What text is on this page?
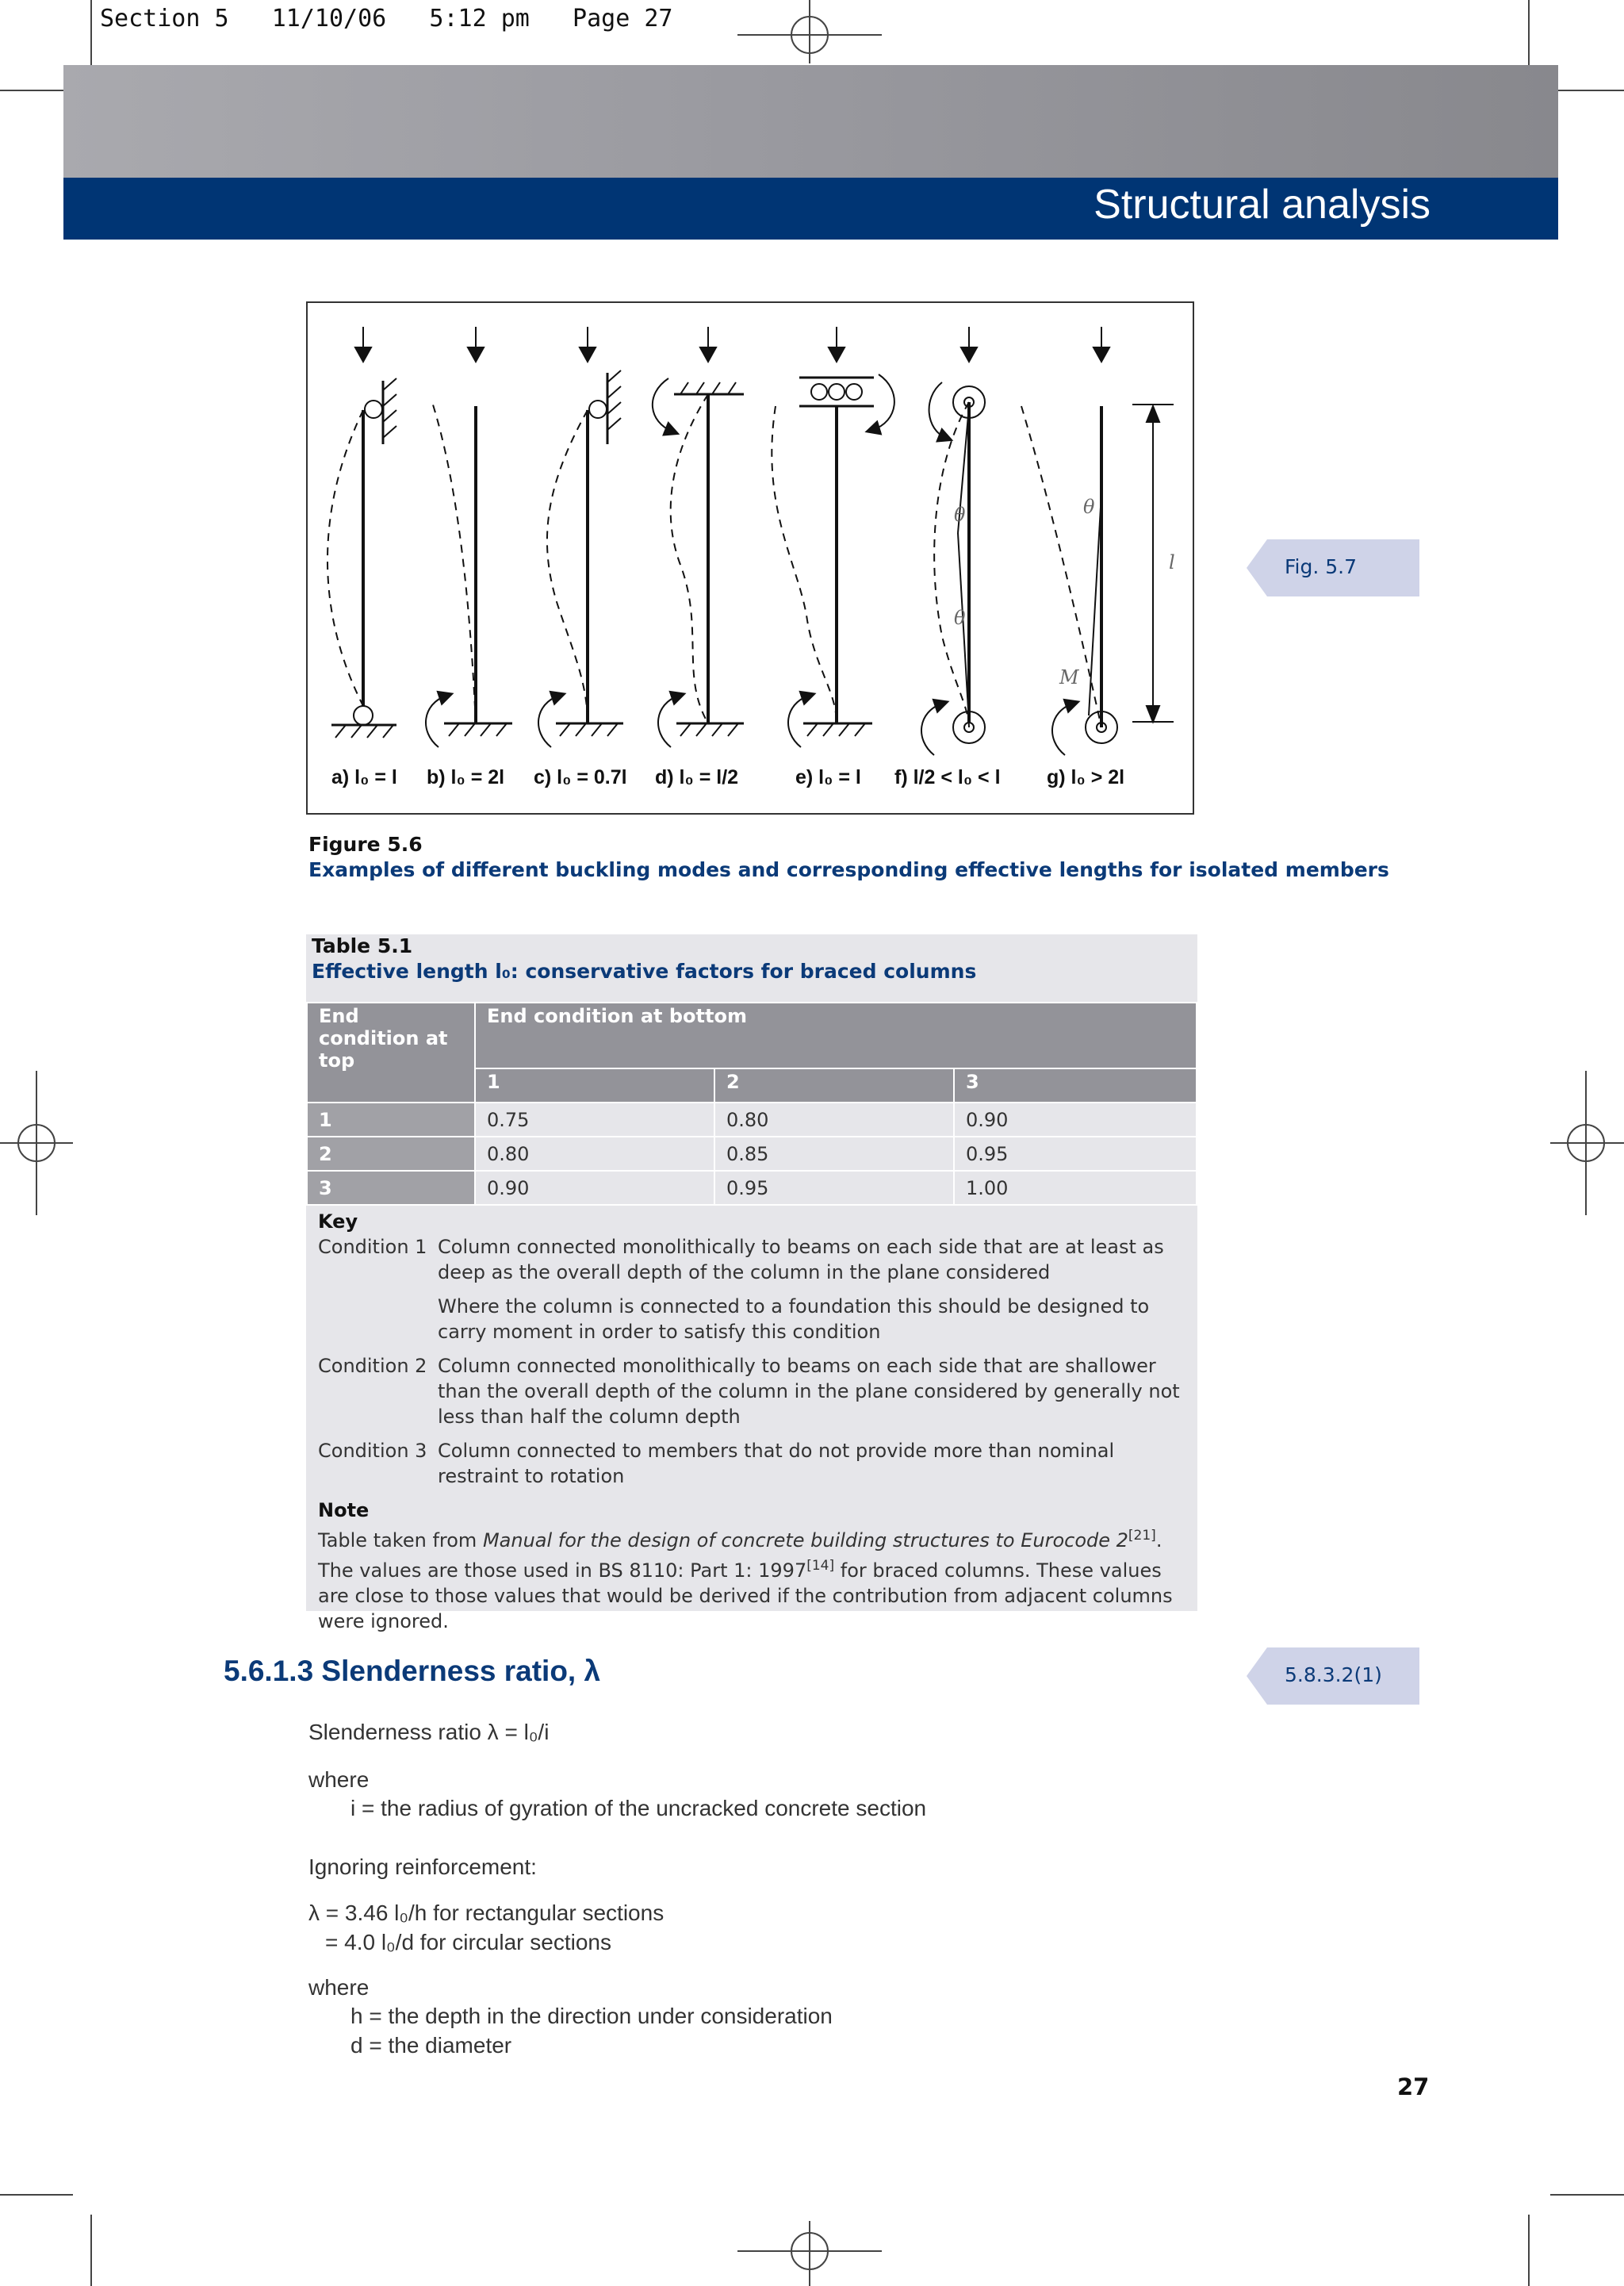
Section 5   11/10/06   5:12 pm   Page 27
Structural analysis
θ
θ
θ
M
l
a) l₀ = l b) l₀ = 2l c) l₀ = 0.7l d) l₀ = l/2	e) l₀ = l f) l/2 < l₀ < l g) l₀ > 2l
Figure 5.6
Examples of different buckling modes and corresponding effective lengths for isolated members
Fig. 5.7
5.8.3.2(1)
Table 5.1
Effective length l₀: conservative factors for braced columns
End condition at top	End condition at bottom		
	1	2	3
1	0.75	0.80	0.90
2	0.80	0.85	0.95
3	0.90	0.95	1.00
Key
Condition 1 Column connected monolithically to beams on each side that are at least as deep as the overall depth of the column in the plane considered
Where the column is connected to a foundation this should be designed to carry moment in order to satisfy this condition
Condition 2 Column connected monolithically to beams on each side that are shallower than the overall depth of the column in the plane considered by generally not less than half the column depth
Condition 3 Column connected to members that do not provide more than nominal restraint to rotation
Note
Table taken from Manual for the design of concrete building structures to Eurocode 2[21]. The values are those used in BS 8110: Part 1: 1997[14] for braced columns. These values are close to those values that would be derived if the contribution from adjacent columns were ignored.
5.6.1.3 Slenderness ratio, λ
Slenderness ratio λ = l₀/i
where
i = the radius of gyration of the uncracked concrete section
Ignoring reinforcement:
λ = 3.46 l₀/h for rectangular sections
= 4.0 l₀/d for circular sections
where
h = the depth in the direction under consideration
d = the diameter
27
